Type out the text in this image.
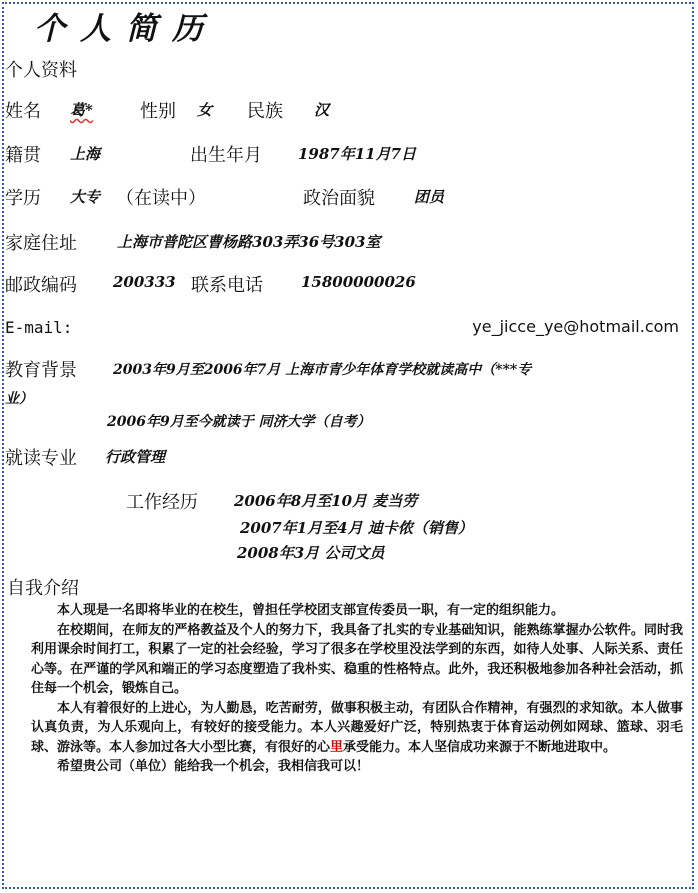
个人简历
个人资料
姓名 葛*	性别 女 民族 汉
籍贯 上海	出生年月 1987年11月7日
学历 大专 （在读中）	政治面貌	团员
家庭住址	上海市普陀区曹杨路303弄36号303室
邮政编码 200333 联系电话	15800000026
E-mail:	ye_jicce_ye@hotmail.com
教育背景	2003年9月至2006年7月 上海市青少年体育学校就读高中（***专
业）
2006年9月至今就读于 同济大学（自考）
就读专业 行政管理
工作经历 2006年8月至10月 麦当劳
2007年1月至4月 迪卡侬（销售）
2008年3月 公司文员
自我介绍

本人现是一名即将毕业的在校生，曾担任学校团支部宣传委员一职，有一定的组织能力。

在校期间，在师友的严格教益及个人的努力下，我具备了扎实的专业基础知识，能熟练掌握办公软件。同时我利用课余时间打工，积累了一定的社会经验，学习了很多在学校里没法学到的东西，如待人处事、人际关系、责任心等。在严谨的学风和端正的学习态度塑造了我朴实、稳重的性格特点。此外，我还积极地参加各种社会活动，抓住每一个机会，锻炼自己。

本人有着很好的上进心，为人勤恳，吃苦耐劳，做事积极主动，有团队合作精神，有强烈的求知欲。本人做事认真负责，为人乐观向上，有较好的接受能力。本人兴趣爱好广泛，特别热衷于体育运动例如网球、篮球、羽毛球、游泳等。本人参加过各大小型比赛，有很好的心里承受能力。本人坚信成功来源于不断地进取中。

希望贵公司（单位）能给我一个机会，我相信我可以！
